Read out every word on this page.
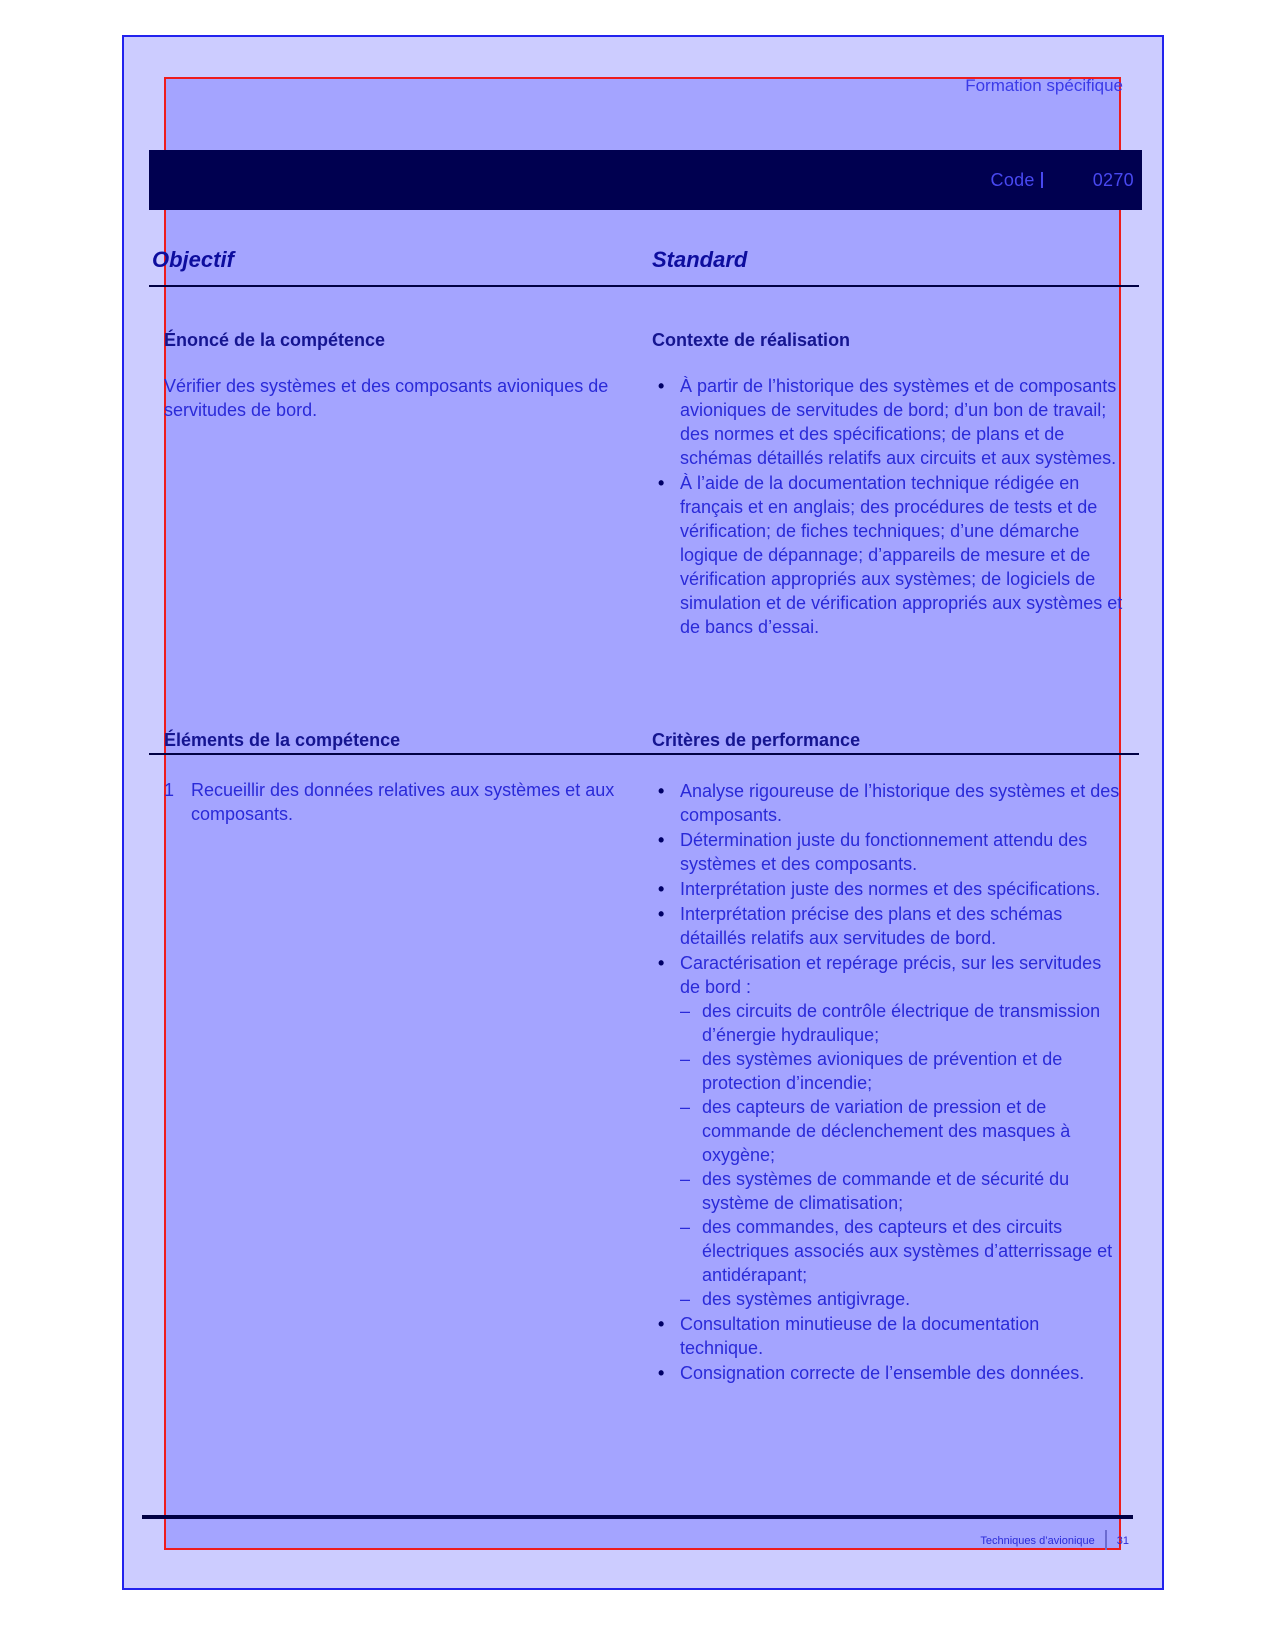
Formation spécifique
Code	0270
Objectif	Standard
Énoncé de la compétence	Contexte de réalisation
Vérifier des systèmes et des composants avioniques de servitudes de bord.
• À partir de l’historique des systèmes et de composants avioniques de servitudes de bord; d’un bon de travail; des normes et des spécifications; de plans et de schémas détaillés relatifs aux circuits et aux systèmes.
• À l’aide de la documentation technique rédigée en français et en anglais; des procédures de tests et de vérification; de fiches techniques; d’une démarche logique de dépannage; d’appareils de mesure et de vérification appropriés aux systèmes; de logiciels de simulation et de vérification appropriés aux systèmes et de bancs d’essai.
Éléments de la compétence	Critères de performance
1 Recueillir des données relatives aux systèmes et aux composants.
• Analyse rigoureuse de l’historique des systèmes et des composants.
• Détermination juste du fonctionnement attendu des systèmes et des composants.
• Interprétation juste des normes et des spécifications.
• Interprétation précise des plans et des schémas détaillés relatifs aux servitudes de bord.
• Caractérisation et repérage précis, sur les servitudes de bord :
– des circuits de contrôle électrique de transmission d’énergie hydraulique;
– des systèmes avioniques de prévention et de protection d’incendie;
– des capteurs de variation de pression et de commande de déclenchement des masques à oxygène;
– des systèmes de commande et de sécurité du système de climatisation;
– des commandes, des capteurs et des circuits électriques associés aux systèmes d’atterrissage et antidérapant;
– des systèmes antigivrage.
• Consultation minutieuse de la documentation technique.
• Consignation correcte de l’ensemble des données.
Techniques d’avionique 31
